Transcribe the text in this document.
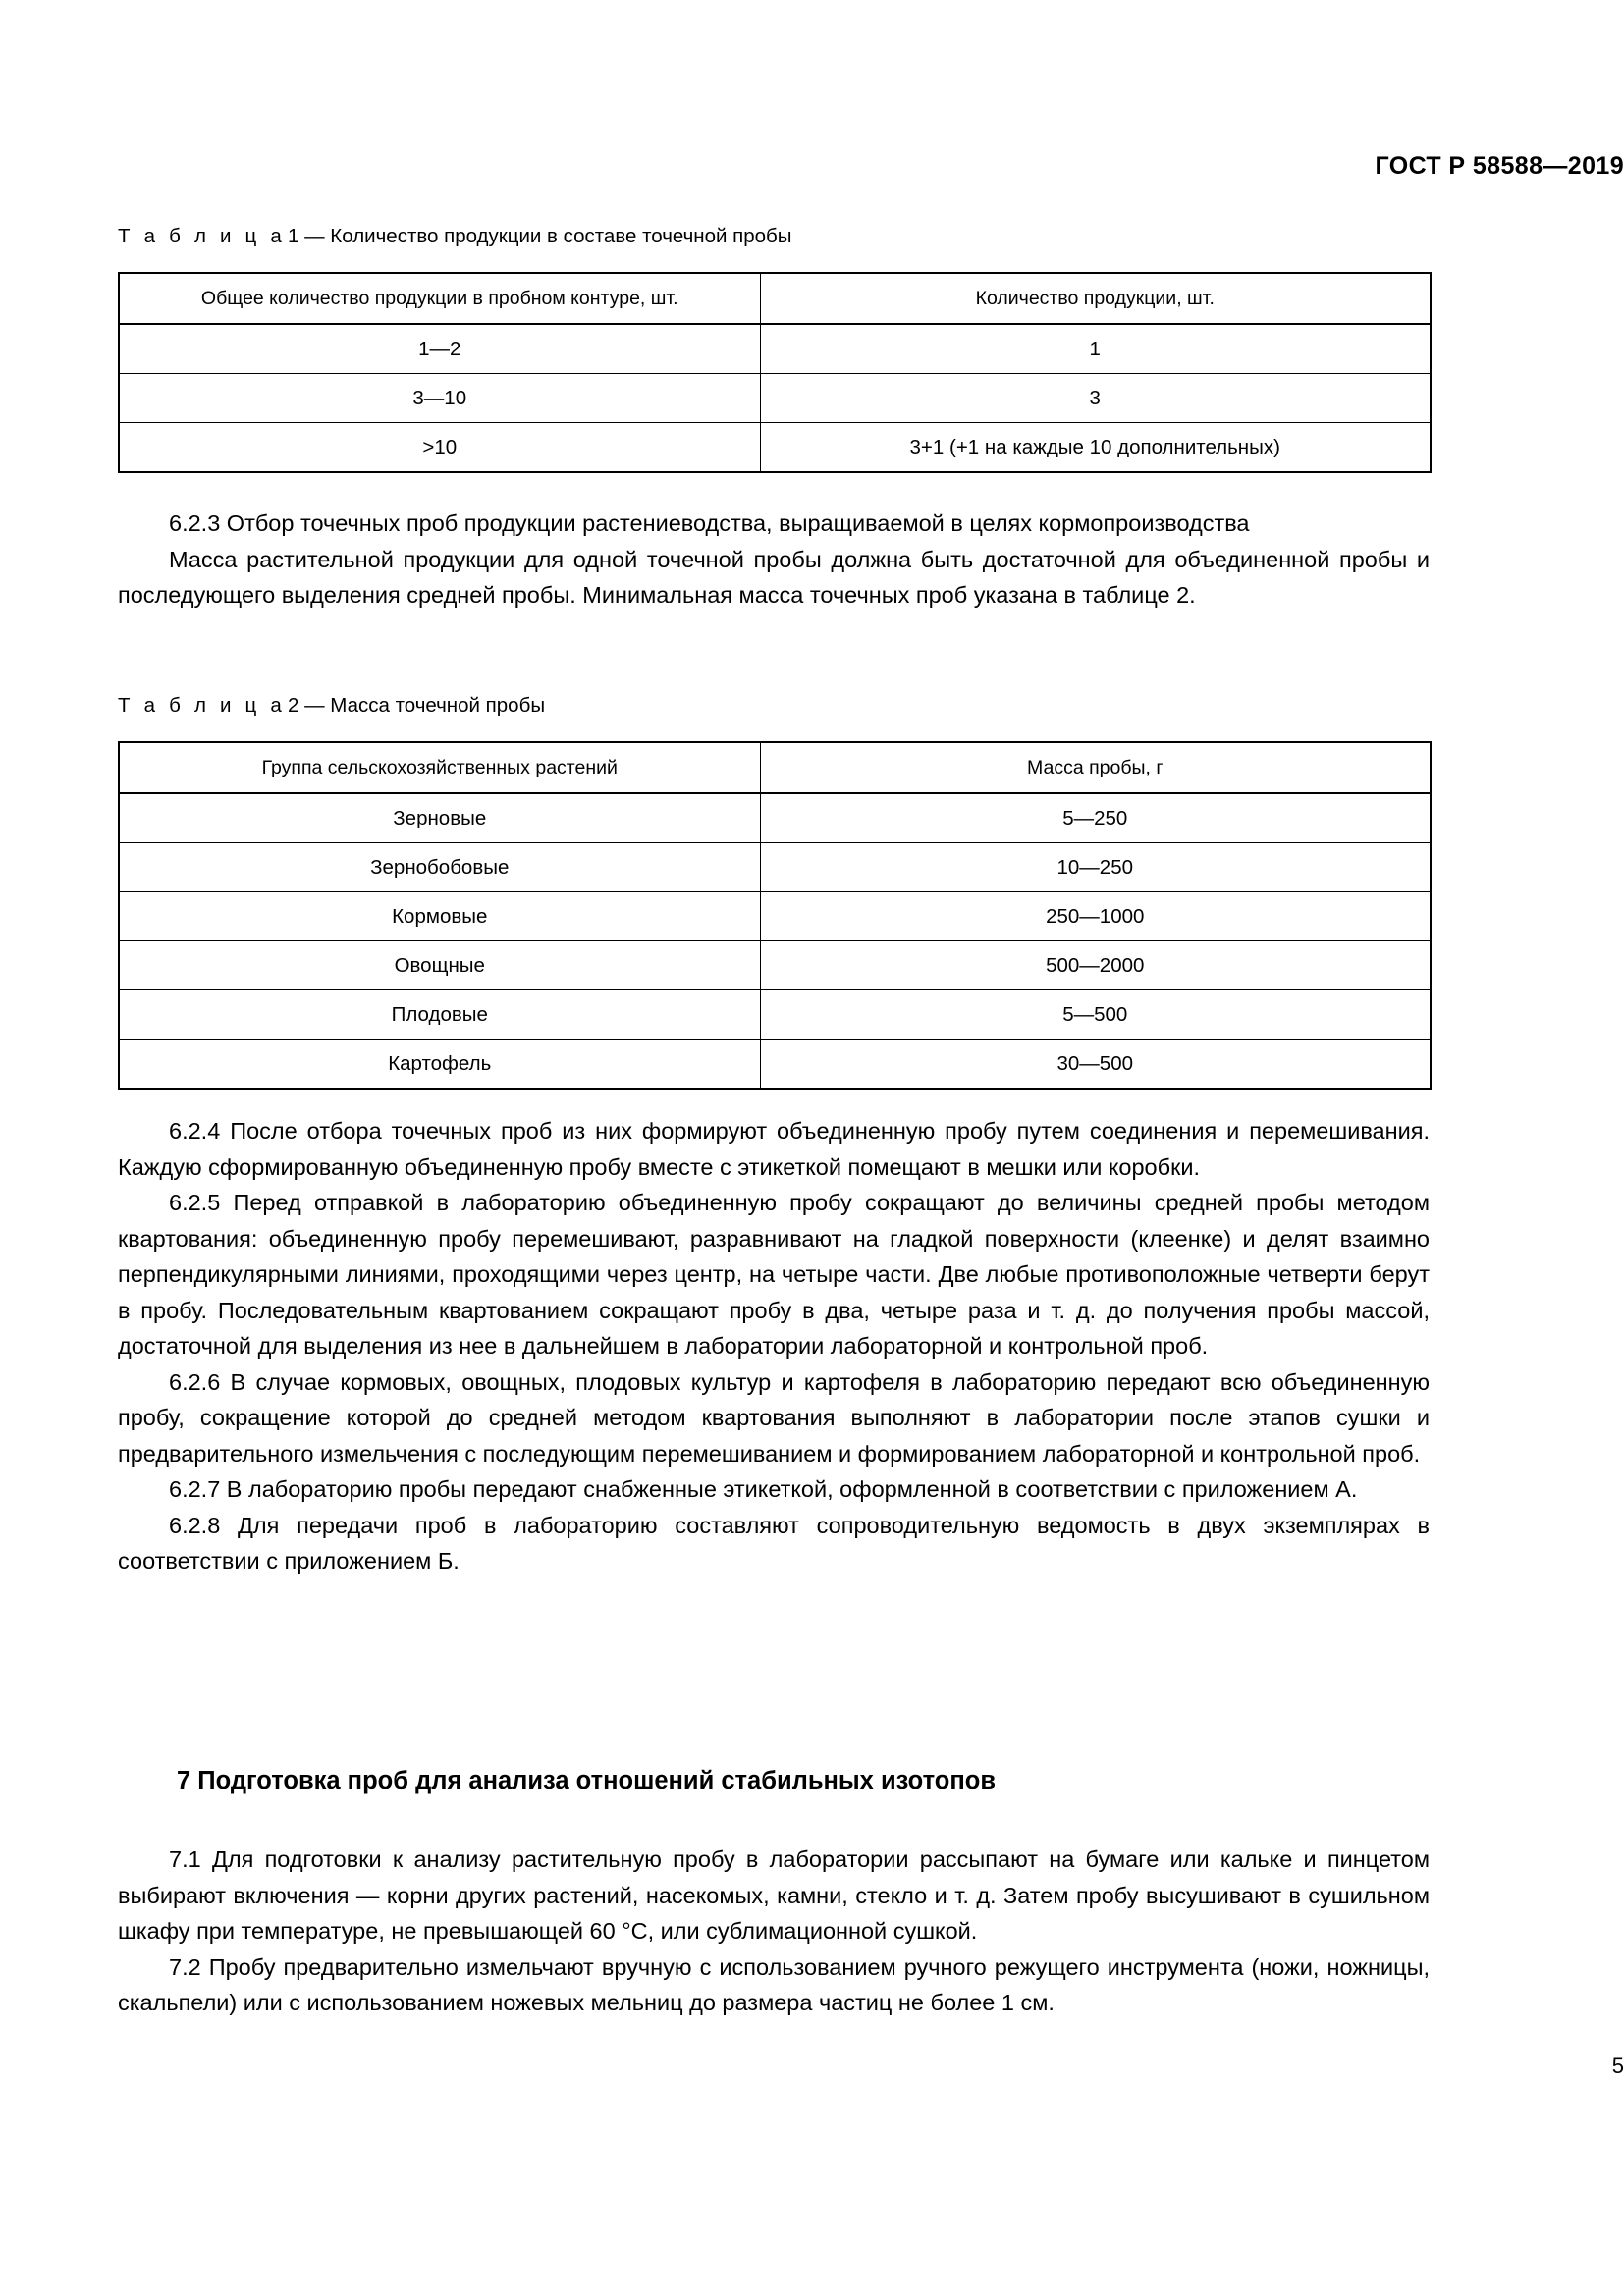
ГОСТ Р 58588—2019
Т а б л и ц а1 — Количество продукции в составе точечной пробы
Общее количество продукции в пробном контуре, шт.	Количество продукции, шт.
1—2	1
3—10	3
>10	3+1 (+1 на каждые 10 дополнительных)

6.2.3 Отбор точечных проб продукции растениеводства, выращиваемой в целях кормопроизводства

Масса растительной продукции для одной точечной пробы должна быть достаточной для объединенной пробы и последующего выделения средней пробы. Минимальная масса точечных проб указана в таблице 2.

Т а б л и ц а2 — Масса точечной пробы
Группа сельскохозяйственных растений	Масса пробы, г
Зерновые	5—250
Зернобобовые	10—250
Кормовые	250—1000
Овощные	500—2000
Плодовые	5—500
Картофель	30—500

6.2.4 После отбора точечных проб из них формируют объединенную пробу путем соединения и перемешивания. Каждую сформированную объединенную пробу вместе с этикеткой помещают в мешки или коробки.

6.2.5 Перед отправкой в лабораторию объединенную пробу сокращают до величины средней пробы методом квартования: объединенную пробу перемешивают, разравнивают на гладкой поверхности (клеенке) и делят взаимно перпендикулярными линиями, проходящими через центр, на четыре части. Две любые противоположные четверти берут в пробу. Последовательным квартованием сокращают пробу в два, четыре раза и т. д. до получения пробы массой, достаточной для выделения из нее в дальнейшем в лаборатории лабораторной и контрольной проб.

6.2.6 В случае кормовых, овощных, плодовых культур и картофеля в лабораторию передают всю объединенную пробу, сокращение которой до средней методом квартования выполняют в лаборатории после этапов сушки и предварительного измельчения с последующим перемешиванием и формированием лабораторной и контрольной проб.

6.2.7 В лабораторию пробы передают снабженные этикеткой, оформленной в соответствии с приложением А.

6.2.8 Для передачи проб в лабораторию составляют сопроводительную ведомость в двух экземплярах в соответствии с приложением Б.

7 Подготовка проб для анализа отношений стабильных изотопов

7.1 Для подготовки к анализу растительную пробу в лаборатории рассыпают на бумаге или кальке и пинцетом выбирают включения — корни других растений, насекомых, камни, стекло и т. д. Затем пробу высушивают в сушильном шкафу при температуре, не превышающей 60 °C, или сублимационной сушкой.

7.2 Пробу предварительно измельчают вручную с использованием ручного режущего инструмента (ножи, ножницы, скальпели) или с использованием ножевых мельниц до размера частиц не более 1 см.

5
